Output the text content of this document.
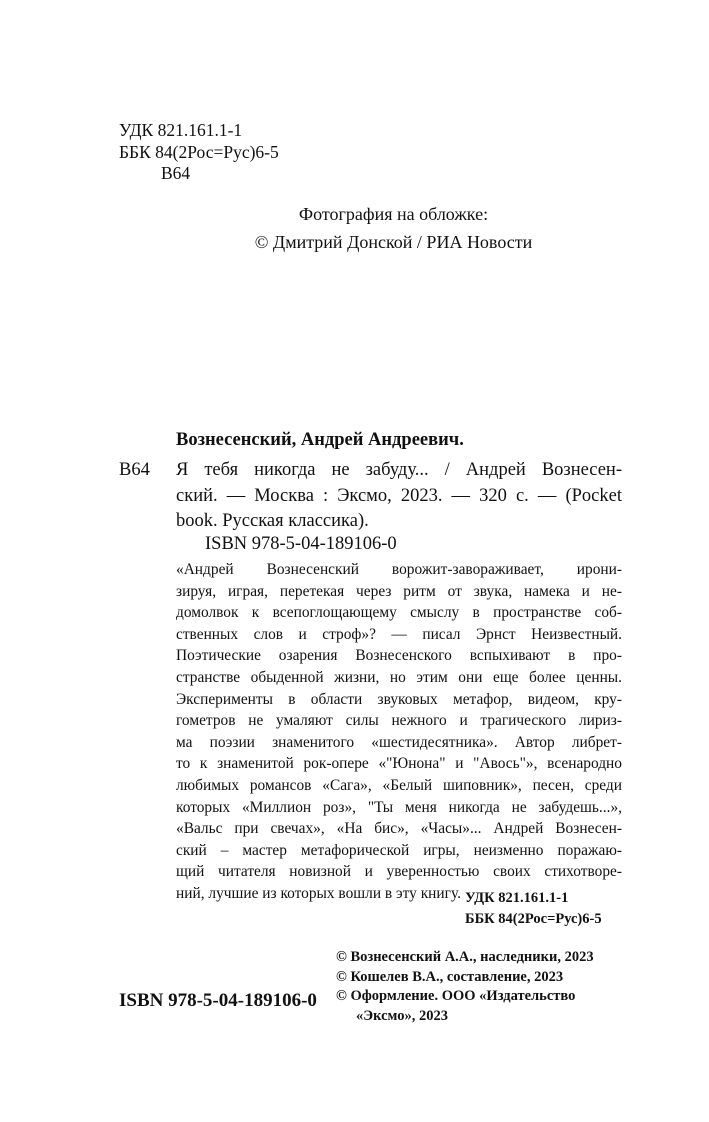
УДК 821.161.1-1
ББК 84(2Рос=Рус)6-5
В64
Фотография на обложке:
© Дмитрий Донской / РИА Новости
Вознесенский, Андрей Андреевич.
В64 Я тебя никогда не забуду... / Андрей Вознесен-
ский. — Москва : Эксмо, 2023. — 320 с. — (Pocket
book. Русская классика).
ISBN 978-5-04-189106-0
«Андрей Вознесенский ворожит-завораживает, ирони-
зируя, играя, перетекая через ритм от звука, намека и не-
домолвок к всепоглощающему смыслу в пространстве соб-
ственных слов и строф»? — писал Эрнст Неизвестный.
Поэтические озарения Вознесенского вспыхивают в про-
странстве обыденной жизни, но этим они еще более ценны.
Эксперименты в области звуковых метафор, видеом, кру-
гометров не умаляют силы нежного и трагического лириз-
ма поэзии знаменитого «шестидесятника». Автор либрет-
то к знаменитой рок-опере «"Юнона" и "Авось"», всенародно
любимых романсов «Сага», «Белый шиповник», песен, среди
которых «Миллион роз», "Ты меня никогда не забудешь...»,
«Вальс при свечах», «На бис», «Часы»... Андрей Вознесен-
ский – мастер метафорической игры, неизменно поражаю-
щий читателя новизной и уверенностью своих стихотворе-
ний, лучшие из которых вошли в эту книгу. УДК 821.161.1-1
ББК 84(2Рос=Рус)6-5
© Вознесенский А.А., наследники, 2023
© Кошелев В.А., составление, 2023
© Оформление. ООО «Издательство
«Эксмо», 2023
ISBN 978-5-04-189106-0
